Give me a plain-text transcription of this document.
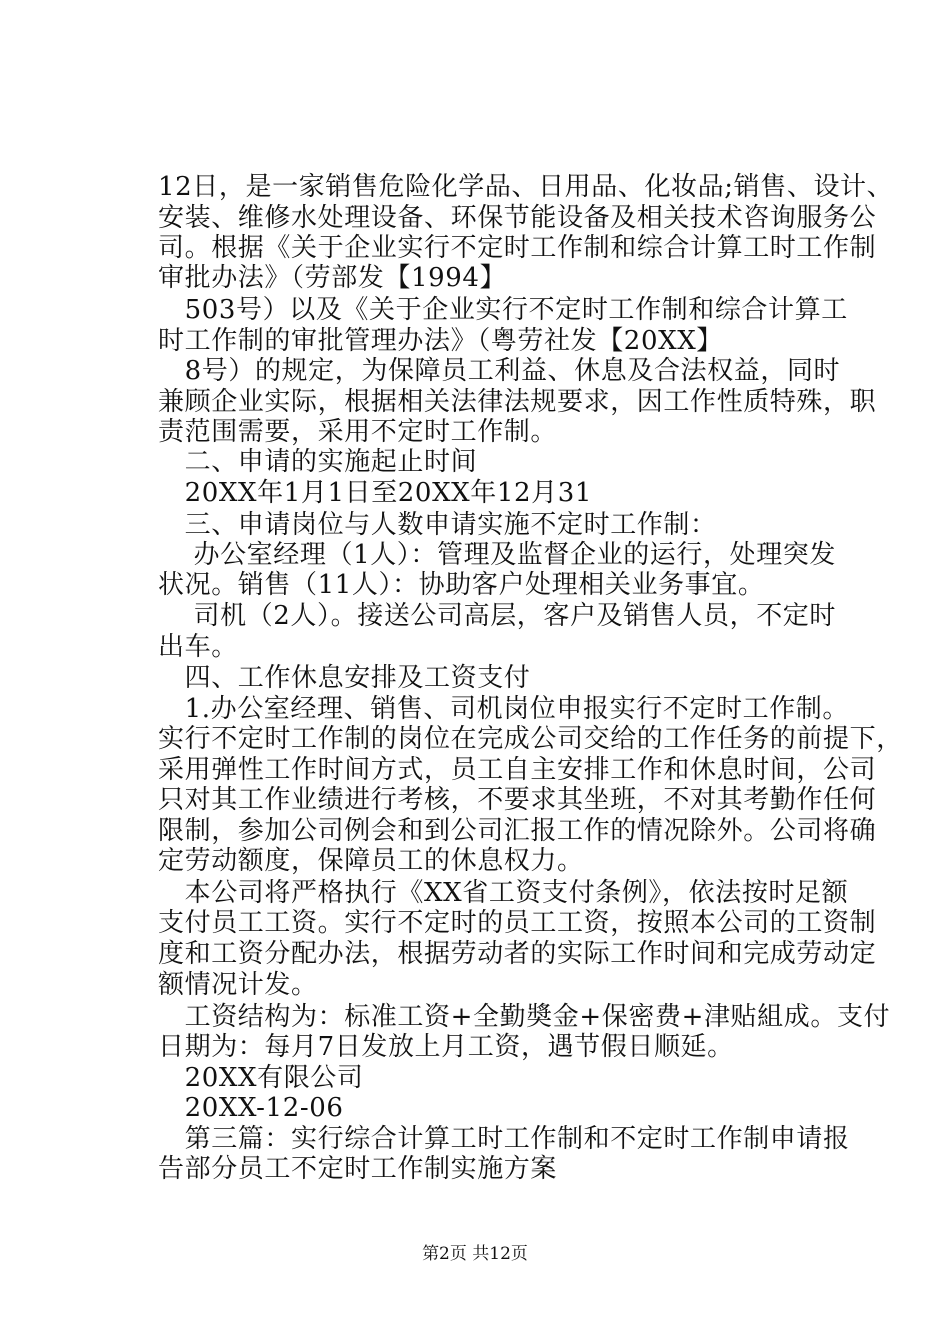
12日，是一家销售危险化学品、日用品、化妆品;销售、设计、
安装、维修水处理设备、环保节能设备及相关技术咨询服务公
司。根据《关于企业实行不定时工作制和综合计算工时工作制
审批办法》（劳部发【1994】
　503号）以及《关于企业实行不定时工作制和综合计算工
时工作制的审批管理办法》（粤劳社发【20XX】
　8号）的规定，为保障员工利益、休息及合法权益，同时
兼顾企业实际，根据相关法律法规要求，因工作性质特殊，职
责范围需要，采用不定时工作制。
　二、申请的实施起止时间
　20XX年1月1日至20XX年12月31
　三、申请岗位与人数申请实施不定时工作制：
　 办公室经理（1人）：管理及监督企业的运行，处理突发
状况。销售（11人）：协助客户处理相关业务事宜。
　 司机（2人）。接送公司高层，客户及销售人员，不定时
出车。
　四、工作休息安排及工资支付
　1.办公室经理、销售、司机岗位申报实行不定时工作制。
实行不定时工作制的岗位在完成公司交给的工作任务的前提下，
采用弹性工作时间方式，员工自主安排工作和休息时间，公司
只对其工作业绩进行考核，不要求其坐班，不对其考勤作任何
限制，参加公司例会和到公司汇报工作的情况除外。公司将确
定劳动额度，保障员工的休息权力。
　本公司将严格执行《XX省工资支付条例》，依法按时足额
支付员工工资。实行不定时的员工工资，按照本公司的工资制
度和工资分配办法，根据劳动者的实际工作时间和完成劳动定
额情况计发。
　工资结构为：标准工资+全勤奬金+保密费+津贴組成。支付
日期为：每月7日发放上月工资，遇节假日顺延。
　20XX有限公司
　20XX-12-06
　第三篇：实行综合计算工时工作制和不定时工作制申请报
告部分员工不定时工作制实施方案
第2页 共12页
